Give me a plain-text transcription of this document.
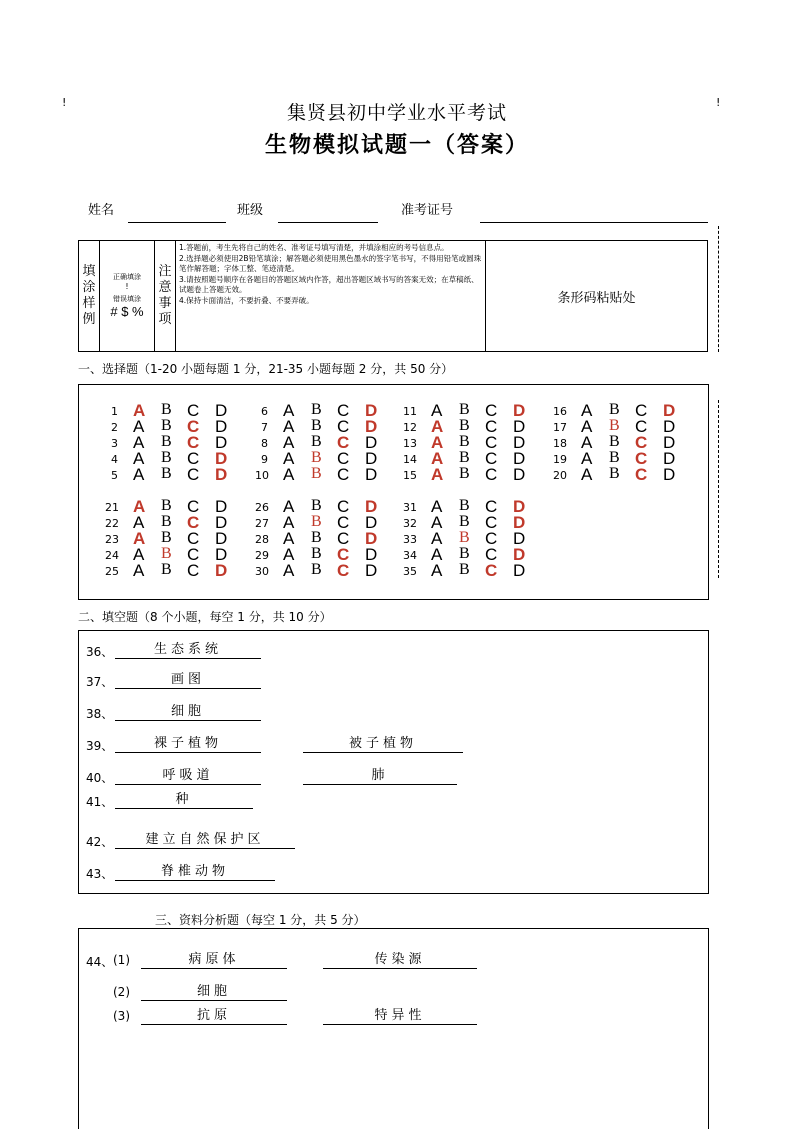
!	!
集贤县初中学业水平考试
生物模拟试题一（答案）
姓名	班级	准考证号
填涂样例

正确填涂
!
错误填涂
# $ %

注意事项

1.答题前，考生先将自己的姓名、准考证号填写清楚，并填涂相应的考号信息点。
2.选择题必须使用2B铅笔填涂；解答题必须使用黑色墨水的签字笔书写，不得用铅笔或圆珠笔作解答题；字体工整、笔迹清楚。
3.请按照题号顺序在各题目的答题区域内作答，超出答题区域书写的答案无效；在草稿纸、试题卷上答题无效。
4.保持卡面清洁，不要折叠、不要弄破。	条形码粘贴处
一、选择题（1-20 小题每题 1 分，21-35 小题每题 2 分，共 50 分）
1 A B C D
2 A B C D
3 A B C D
4 A B C D
5 A B C D
6 A B C D
7 A B C D
8 A B C D
9 A B C D
10 A B C D
11 A B C D
12 A B C D
13 A B C D
14 A B C D
15 A B C D
16 A B C D
17 A B C D
18 A B C D
19 A B C D
20 A B C D
21 A B C D
22 A B C D
23 A B C D
24 A B C D
25 A B C D
26 A B C D
27 A B C D
28 A B C D
29 A B C D
30 A B C D
31 A B C D
32 A B C D
33 A B C D
34 A B C D
35 A B C D
二、填空题（8 个小题，每空 1 分，共 10 分）
36、	生态系统
37、	画图
38、	细胞
39、	裸子植物	被子植物
40、	呼吸道	肺
41、	种
42、	建立自然保护区
43、	脊椎动物
三、资料分析题（每空 1 分，共 5 分）
44、 (1)	病原体	传染源
(2)	细胞
(3)	抗原	特异性
